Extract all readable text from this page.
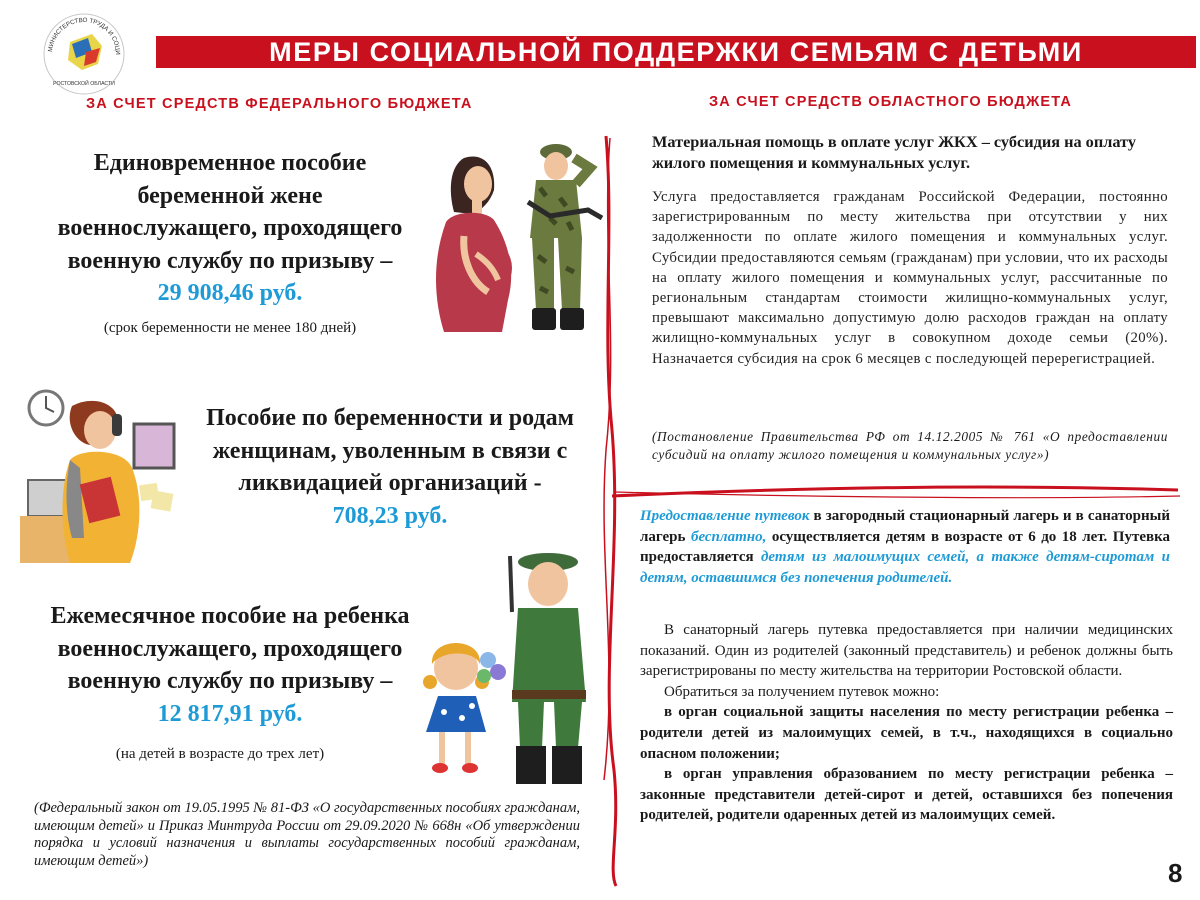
МИНИСТЕРСТВО ТРУДА И СОЦИАЛЬНОГО РАЗВИТИЯ
РОСТОВСКОЙ ОБЛАСТИ
МЕРЫ СОЦИАЛЬНОЙ ПОДДЕРЖКИ СЕМЬЯМ С ДЕТЬМИ
ЗА СЧЕТ СРЕДСТВ ФЕДЕРАЛЬНОГО БЮДЖЕТА	ЗА СЧЕТ СРЕДСТВ ОБЛАСТНОГО БЮДЖЕТА
Единовременное пособие
беременной жене
военнослужащего, проходящего
военную службу по призыву –
29 908,46 руб.
(срок беременности не менее 180 дней)
Пособие по беременности и родам
женщинам, уволенным в связи с
ликвидацией организаций -
708,23 руб.
Ежемесячное пособие на ребенка
военнослужащего, проходящего
военную службу по призыву –
12 817,91 руб.
(на детей в возрасте до трех лет)
(Федеральный закон от 19.05.1995 № 81-ФЗ «О государственных пособиях гражданам, имеющим детей» и Приказ Минтруда России от 29.09.2020 № 668н «Об утверждении порядка и условий назначения и выплаты государственных пособий гражданам, имеющим детей»)
Материальная помощь в оплате услуг ЖКХ – субсидия на оплату жилого помещения и коммунальных услуг.
Услуга предоставляется гражданам Российской Федерации, постоянно зарегистрированным по месту жительства при отсутствии у них задолженности по оплате жилого помещения и коммунальных услуг. Субсидии предоставляются семьям (гражданам) при условии, что их расходы на оплату жилого помещения и коммунальных услуг, рассчитанные по региональным стандартам стоимости жилищно-коммунальных услуг, превышают максимально допустимую долю расходов граждан на оплату жилищно-коммунальных услуг в совокупном доходе семьи (20%). Назначается субсидия на срок 6 месяцев с последующей перерегистрацией.
(Постановление Правительства РФ от 14.12.2005 № 761 «О предоставлении субсидий на оплату жилого помещения и коммунальных услуг»)
Предоставление путевок в загородный стационарный лагерь и в санаторный лагерь бесплатно, осуществляется детям в возрасте от 6 до 18 лет. Путевка предоставляется детям из малоимущих семей, а также детям-сиротам и детям, оставшимся без попечения родителей.

В санаторный лагерь путевка предоставляется при наличии медицинских показаний. Один из родителей (законный представитель) и ребенок должны быть зарегистрированы по месту жительства на территории Ростовской области.

Обратиться за получением путевок можно:

в орган социальной защиты населения по месту регистрации ребенка – родители детей из малоимущих семей, в т.ч., находящихся в социально опасном положении;

в орган управления образованием по месту регистрации ребенка – законные представители детей-сирот и детей, оставшихся без попечения родителей, родители одаренных детей из малоимущих семей.

8
